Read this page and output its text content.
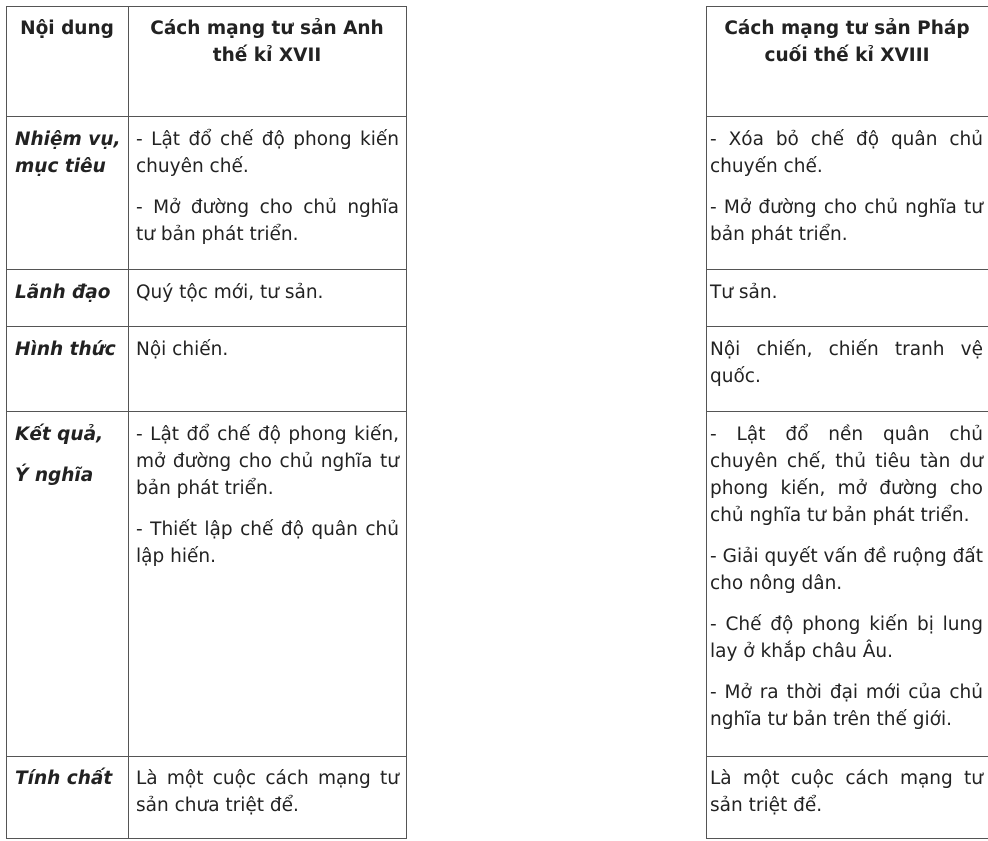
Nội dung	Cách mạng tư sản Anh thế kỉ XVII
Cách mạng tư sản Pháp cuối thế kỉ XVIII
Nhiệm vụ, mục tiêu
Lãnh đạo
Hình thức
Kết quả,
Ý nghĩa
Tính chất

- Lật đổ chế độ phong kiến chuyên chế.

- Mở đường cho chủ nghĩa tư bản phát triển.

Quý tộc mới, tư sản.

Nội chiến.

- Lật đổ chế độ phong kiến, mở đường cho chủ nghĩa tư bản phát triển.

- Thiết lập chế độ quân chủ lập hiến.

Là một cuộc cách mạng tư sản chưa triệt để.

- Xóa bỏ chế độ quân chủ chuyến chế.

- Mở đường cho chủ nghĩa tư bản phát triển.

Tư sản.

Nội chiến, chiến tranh vệ quốc.

- Lật đổ nền quân chủ chuyên chế, thủ tiêu tàn dư phong kiến, mở đường cho chủ nghĩa tư bản phát triển.

- Giải quyết vấn đề ruộng đất cho nông dân.

- Chế độ phong kiến bị lung lay ở khắp châu Âu.

- Mở ra thời đại mới của chủ nghĩa tư bản trên thế giới.

Là một cuộc cách mạng tư sản triệt để.
